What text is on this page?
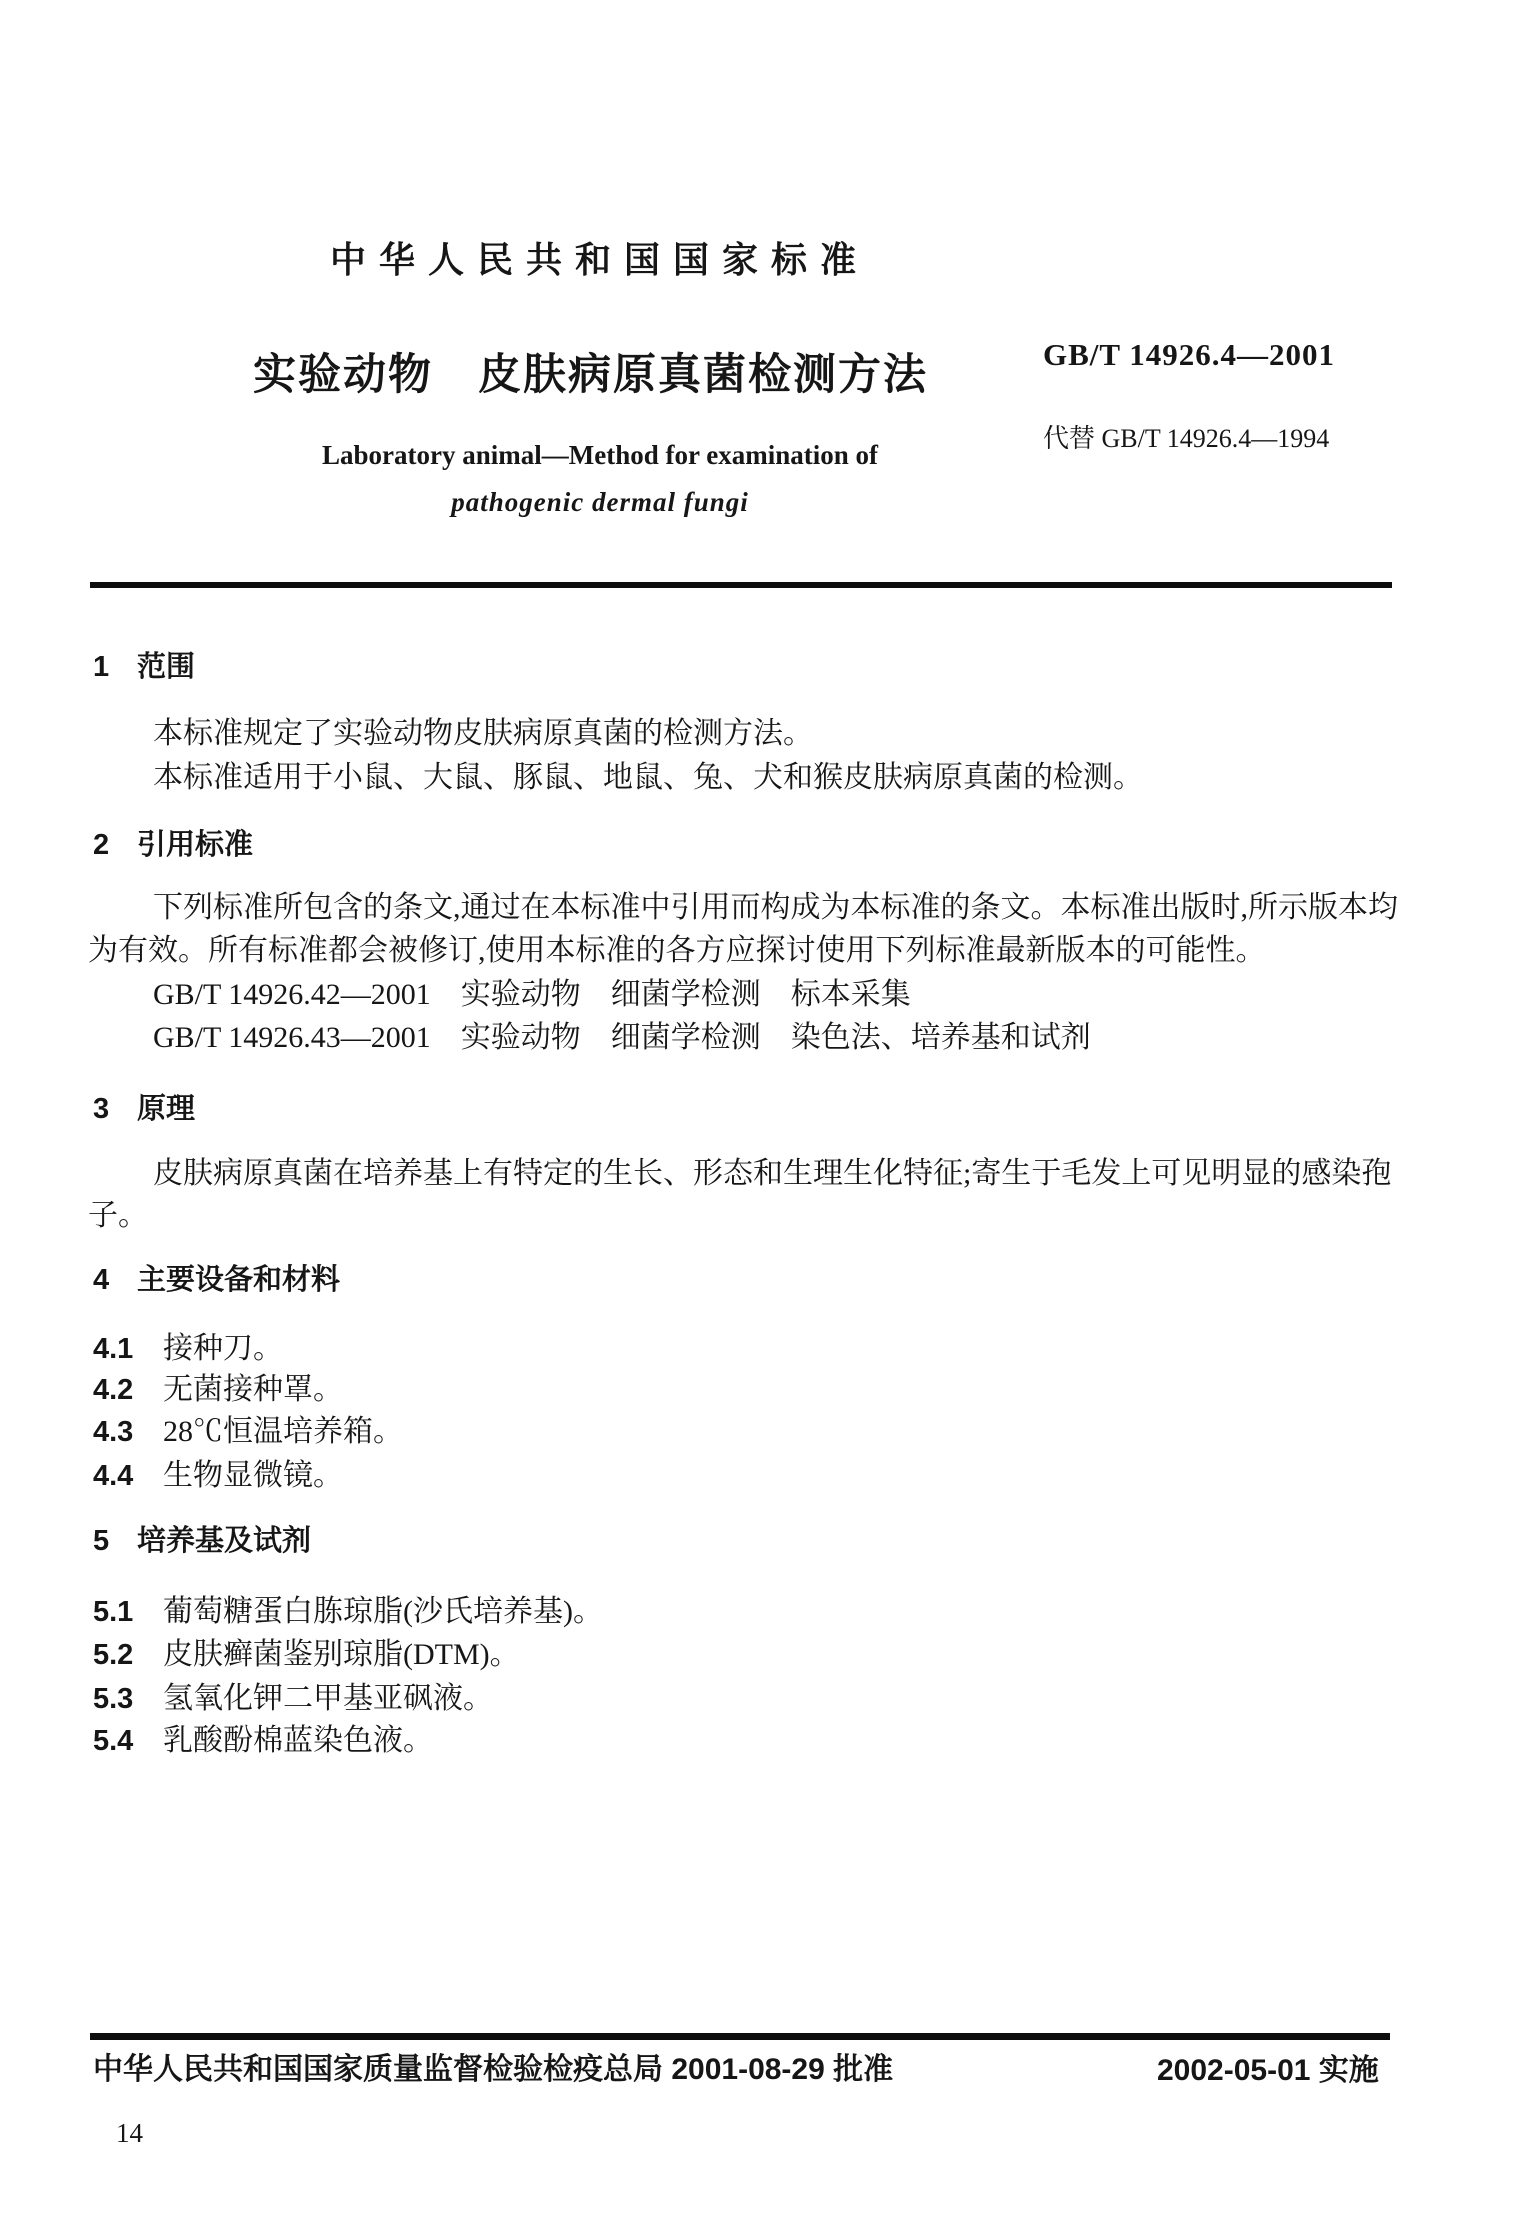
中华人民共和国国家标准
实验动物　皮肤病原真菌检测方法	GB/T 14926.4—2001
代替 GB/T 14926.4—1994
Laboratory animal—Method for examination of
pathogenic dermal fungi
1 范围
本标准规定了实验动物皮肤病原真菌的检测方法。
本标准适用于小鼠、大鼠、豚鼠、地鼠、兔、犬和猴皮肤病原真菌的检测。
2 引用标准
下列标准所包含的条文,通过在本标准中引用而构成为本标准的条文。本标准出版时,所示版本均
为有效。所有标准都会被修订,使用本标准的各方应探讨使用下列标准最新版本的可能性。
GB/T 14926.42—2001　实验动物　细菌学检测　标本采集
GB/T 14926.43—2001　实验动物　细菌学检测　染色法、培养基和试剂
3 原理
皮肤病原真菌在培养基上有特定的生长、形态和生理生化特征;寄生于毛发上可见明显的感染孢
子。
4 主要设备和材料
4.1 接种刀。
4.2 无菌接种罩。
4.3 28℃恒温培养箱。
4.4 生物显微镜。
5 培养基及试剂
5.1 葡萄糖蛋白胨琼脂(沙氏培养基)。
5.2 皮肤癣菌鉴别琼脂(DTM)。
5.3 氢氧化钾二甲基亚砜液。
5.4 乳酸酚棉蓝染色液。
中华人民共和国国家质量监督检验检疫总局 2001-08-29 批准	2002-05-01 实施
14
